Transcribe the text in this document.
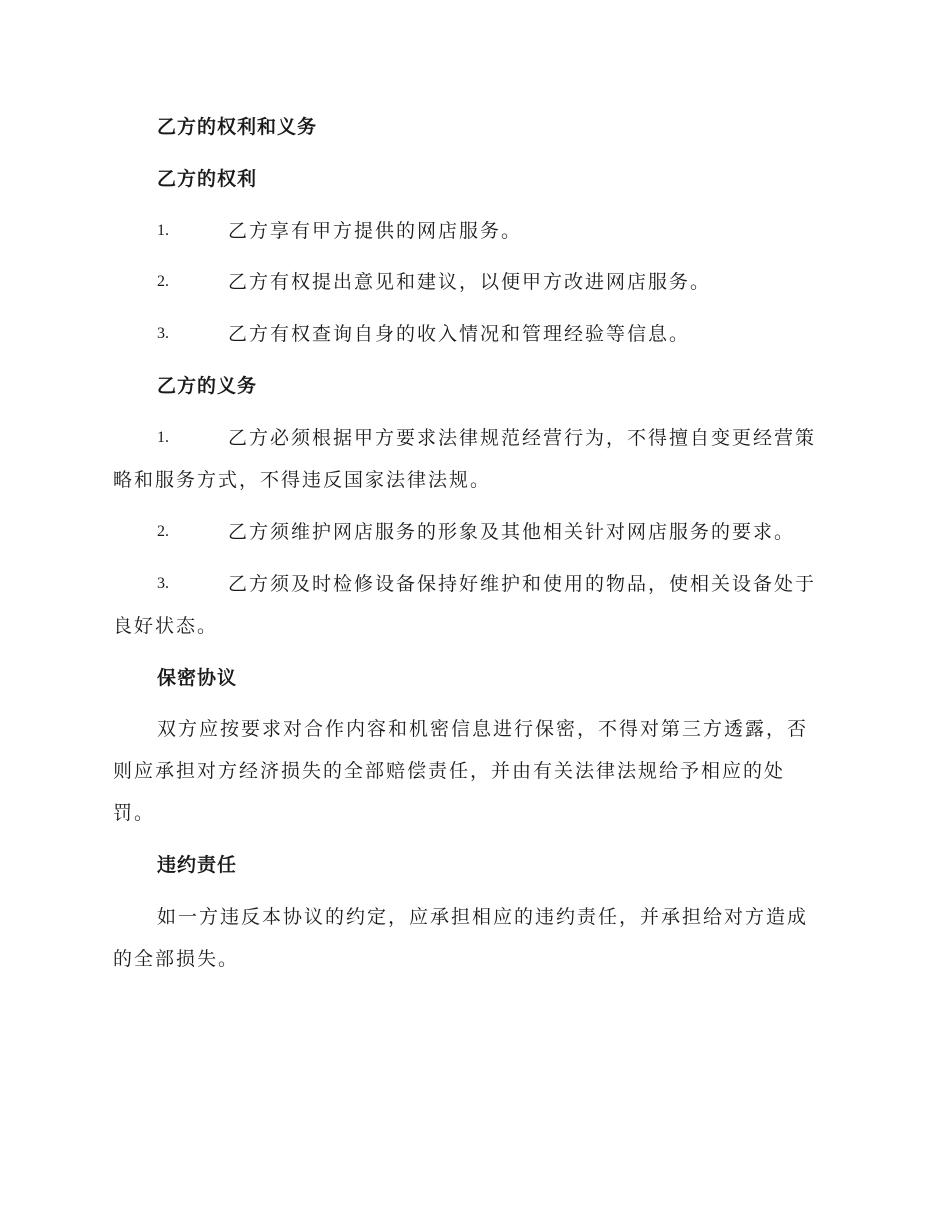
乙方的权利和义务
乙方的权利
1.	乙方享有甲方提供的网店服务。
2.	乙方有权提出意见和建议，以便甲方改进网店服务。
3.	乙方有权查询自身的收入情况和管理经验等信息。
乙方的义务
1.	乙方必须根据甲方要求法律规范经营行为，不得擅自变更经营策
略和服务方式，不得违反国家法律法规。
2.	乙方须维护网店服务的形象及其他相关针对网店服务的要求。
3.	乙方须及时检修设备保持好维护和使用的物品，使相关设备处于
良好状态。
保密协议
双方应按要求对合作内容和机密信息进行保密，不得对第三方透露，否
则应承担对方经济损失的全部赔偿责任，并由有关法律法规给予相应的处
罚。
违约责任
如一方违反本协议的约定，应承担相应的违约责任，并承担给对方造成
的全部损失。
